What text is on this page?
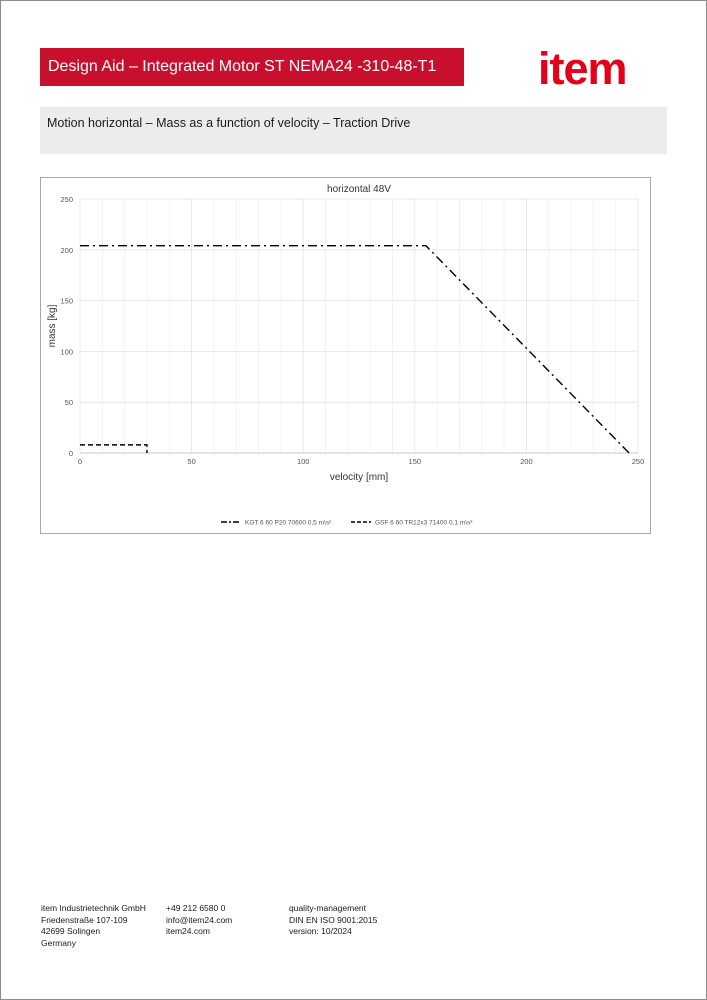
Design Aid – Integrated Motor ST NEMA24 -310-48-T1	item
Motion horizontal – Mass as a function of velocity – Traction Drive
0
50
100
150
200
250
0	50	100	150	200	250
horizontal 48V
velocity [mm]
mass [kg]
KGT 6 60 P20 70600 0,5 m\s²	GSF 6 60 TR12x3 71400 0,1 m\s²
item Industrietechnik GmbH
Friedenstraße 107-109
42699 Solingen
Germany
+49 212 6580 0
info@item24.com
item24.com
quality-management
DIN EN ISO 9001:2015
version: 10/2024
